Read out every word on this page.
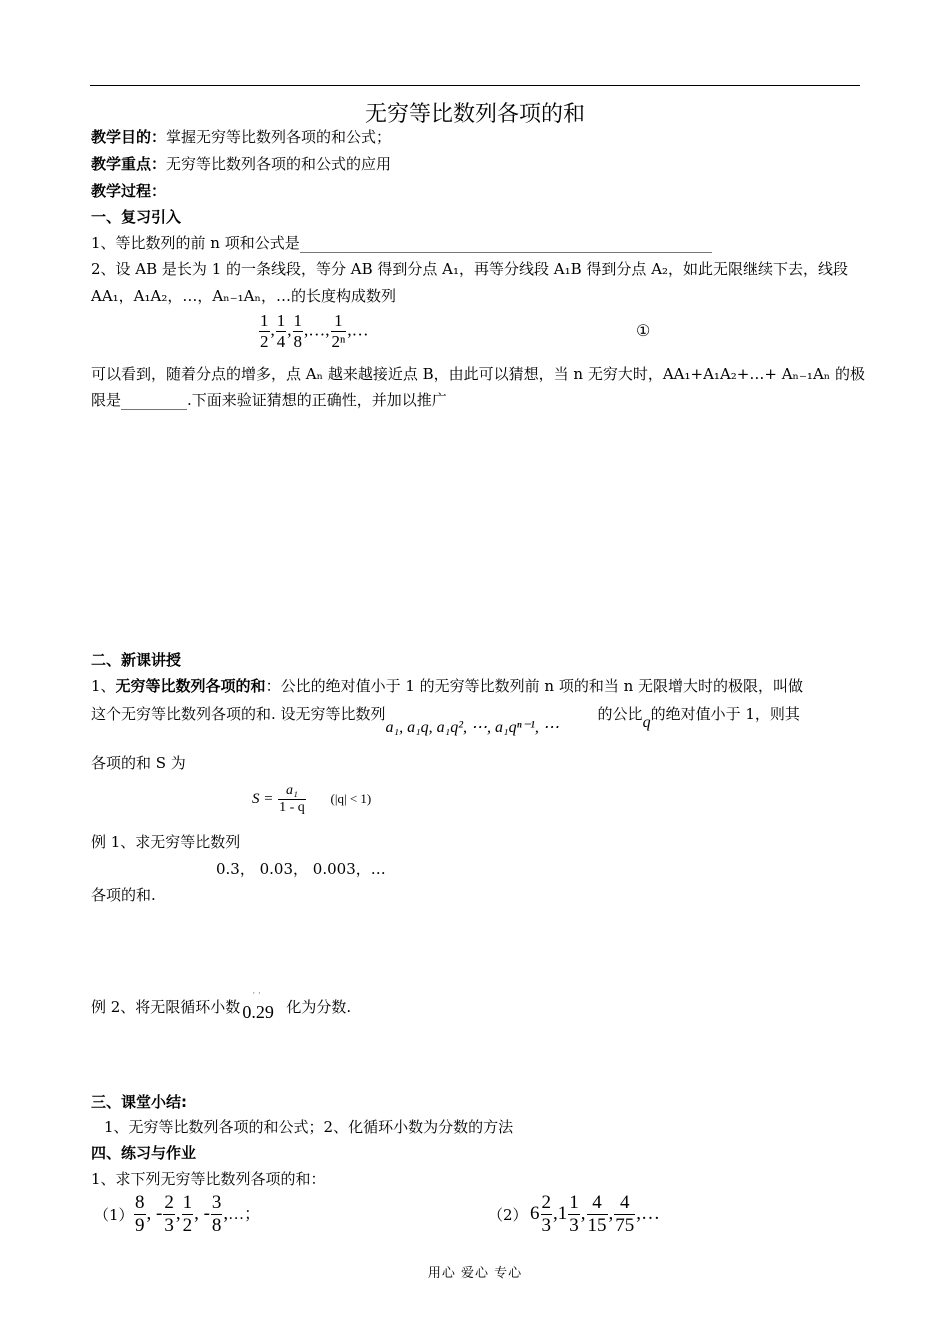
无穷等比数列各项的和
教学目的：掌握无穷等比数列各项的和公式；
教学重点：无穷等比数列各项的和公式的应用
教学过程：
一、复习引入
1、等比数列的前 n 项和公式是
2、设 AB 是长为 1 的一条线段，等分 AB 得到分点 A₁，再等分线段 A₁B 得到分点 A₂，如此无限继续下去，线段
AA₁，A₁A₂，…，Aₙ₋₁Aₙ，…的长度构成数列
$\frac{1}{2}$ , $\frac{1}{4}$ , $\frac{1}{8}$ ,…, $\frac{1}{\text{2ⁿ}}$ ,…	①
可以看到，随着分点的增多，点 Aₙ 越来越接近点 B，由此可以猜想，当 n 无穷大时，AA₁+A₁A₂+…+ Aₙ₋₁Aₙ 的极
限是	.下面来验证猜想的正确性，并加以推广
二、新课讲授
1、无穷等比数列各项的和：公比的绝对值小于 1 的无穷等比数列前 n 项的和当 n 无限增大时的极限，叫做
这个无穷等比数列各项的和. 设无穷等比数列a₁, a₁q, a₁q², ⋯, a₁qⁿ⁻¹, ⋯的公比q的绝对值小于 1，则其
各项的和 S 为
$S = \frac{\text{a₁}}{1 - q} (|q| < 1)$
例 1、求无穷等比数列
0.3， 0.03， 0.003，…
各项的和.
例 2、将无限循环小数
· ·
0.29 化为分数.
三、课堂小结:
1、无穷等比数列各项的和公式；2、化循环小数为分数的方法
四、练习与作业
1、求下列无穷等比数列各项的和：
$(1) \frac{8}{9}$ , - $\frac{2}{3}$ , $\frac{1}{2}$ , - $\frac{3}{8}$ ,…；	（2） $6 \frac{2}{3} ,1 \frac{1}{3}$ , $\frac{4}{15}$ , $\frac{4}{75}$ ,…
用心 爱心 专心
